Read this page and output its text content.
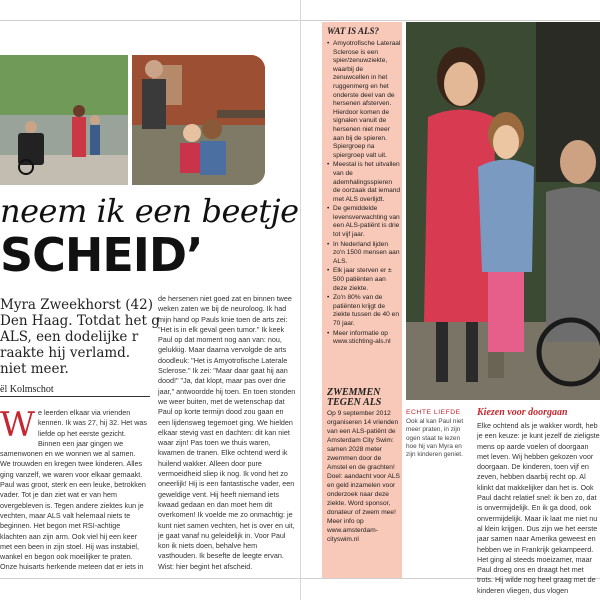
neem ik een beetje
SCHEID’
Myra Zweekhorst (42) Den Haag. Totdat het g ALS, een dodelijke r raakte hij verlamd. niet meer.
ël Kolmschot
W e leerden elkaar via vrienden kennen. Ik was 27, hij 32. Het was liefde op het eerste gezicht. Binnen een jaar gingen we samenwonen en we wonnen we al samen. We trouwden en kregen twee kinderen. Alles ging vanzelf, we waren voor elkaar gemaakt. Paul was groot, sterk en een leuke, betrokken vader. Tot je dan ziet wat er van hem overgebleven is. Tegen andere ziektes kun je vechten, maar ALS valt helemaal niets te beginnen. Het begon met RSI-achtige klachten aan zijn arm. Ook viel hij een keer met een been in zijn stoel. Hij was instabiel, wankel en begon ook moeilijker te praten. Onze huisarts herkende meteen dat er iets in

de hersenen niet goed zat en binnen twee weken zaten we bij de neuroloog. Ik had mijn hand op Pauls knie toen de arts zei: "Het is in elk geval geen tumor." Ik keek Paul op dat moment nog aan van: nou, gelukkig. Maar daarna vervolgde de arts doodleuk: "Het is Amyotrofische Laterale Sclerose." Ik zei: "Maar daar gaat hij aan dood!" "Ja, dat klopt, maar pas over drie jaar," antwoordde hij toen. En toen stonden we weer buiten, met de wetenschap dat Paul op korte termijn dood zou gaan en een lijdensweg tegemoet ging. We hielden elkaar stevig vast en dachten: dit kan niet waar zijn! Pas toen we thuis waren, kwamen de tranen. Elke ochtend werd ik huilend wakker. Alleen door pure vermoeidheid sliep ik nog. Ik vond het zo oneerlijk! Hij is een fantastische vader, een geweldige vent. Hij heeft niemand iets kwaad gedaan en dan moet hem dit overkomen! Ik voelde me zo onmachtig: je kunt niet samen vechten, het is over en uit, je gaat vanaf nu geleidelijk in. Voor Paul kon ik niets doen, behalve hem vasthouden. Ik besefte de leegte ervan. Wist: hier begint het afscheid.

WAT IS ALS?
• Amyotrofische Lateraal Sclerose is een spier/zenuwziekte, waarbij de zenuwcellen in het ruggenmerg en het onderste deel van de hersenen afsterven. Hierdoor komen de signalen vanuit de hersenen niet meer aan bij de spieren. Spiergroep na spiergroep valt uit.
• Meestal is het uitvallen van de ademhalingsspieren de oorzaak dat iemand met ALS overlijdt.
• De gemiddelde levensverwachting van een ALS-patiënt is drie tot vijf jaar.
• In Nederland lijden zo'n 1500 mensen aan ALS.
• Elk jaar sterven er ± 500 patiënten aan deze ziekte.
• Zo'n 80% van de patiënten krijgt de ziekte tussen de 40 en 70 jaar.
• Meer informatie op www.stichting-als.nl
ZWEMMEN TEGEN ALS
Op 9 september 2012 organiseren 14 vrienden van een ALS-patiënt de Amsterdam City Swim: samen 2028 meter zwemmen door de Amstel en de grachten! Doel: aandacht voor ALS en geld inzamelen voor onderzoek naar deze ziekte. Word sponsor, donateur of zwem mee! Meer info op www.amsterdam-cityswim.nl
ECHTE LIEFDE
Ook al kan Paul niet meer praten, in zijn ogen staat te lezen hoe hij van Myra en zijn kinderen geniet.
Kiezen voor doorgaan

Elke ochtend als je wakker wordt, heb je een keuze: je kunt jezelf de zieligste mens op aarde voelen of doorgaan met leven. Wij hebben gekozen voor doorgaan. De kinderen, toen vijf en zeven, hebben daarbij recht op. Al klinkt dat makkelijker dan het is. Ook Paul dacht relatief snel: ik ben zo, dat is onvermijdelijk. En ik ga dood, ook onvermijdelijk. Maar ik laat me niet nu al klein krijgen. Dus zijn we het eerste jaar samen naar Amerika geweest en hebben we in Frankrijk gekampeerd. Het ging al steeds moeizamer, maar Paul droeg ons en draagt het met trots. Hij wilde nog heel graag met de kinderen vliegen, dus vlogen
